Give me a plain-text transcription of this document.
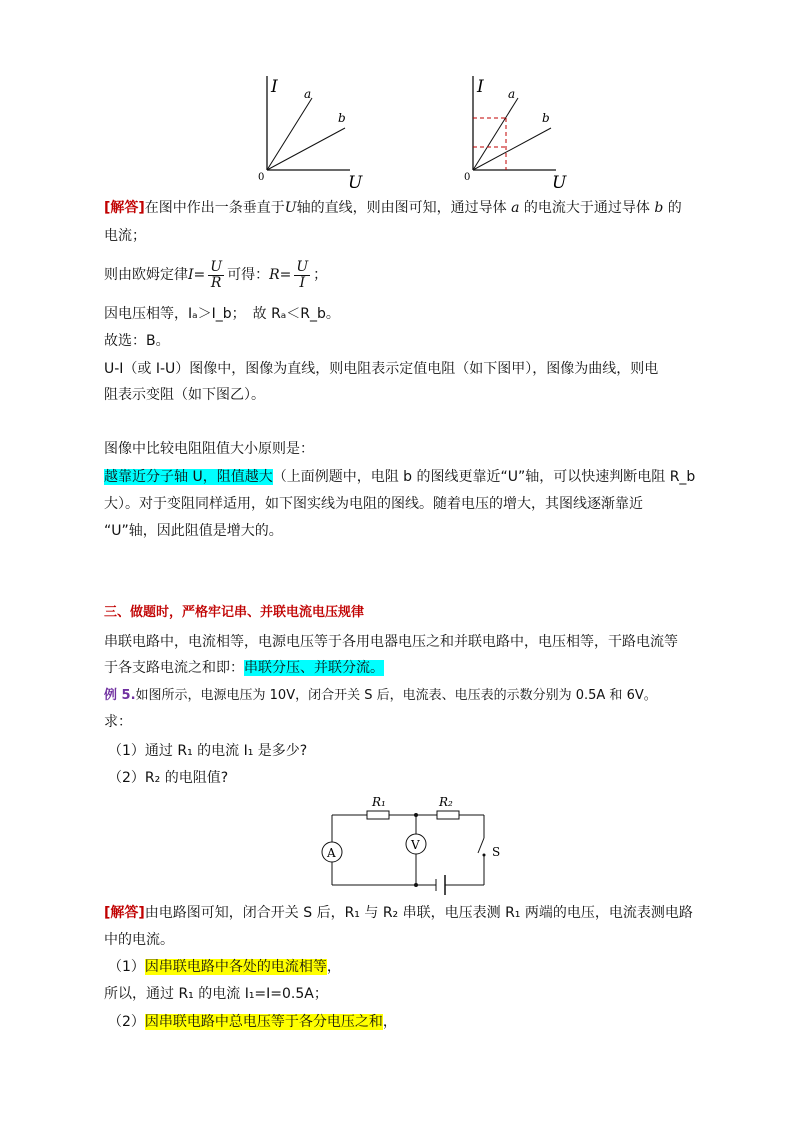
I
U
0
a
b
I
U
0
a
b
[解答]在图中作出一条垂直于U轴的直线，则由图可知，通过导体 a 的电流大于通过导体 b 的
电流；
则由欧姆定律$I= \frac{U}{R}$ 可得：$R= \frac{U}{I}$ ；
因电压相等，Iₐ＞I_b；　故 Rₐ＜R_b。
故选：B。
U-I（或 I-U）图像中，图像为直线，则电阻表示定值电阻（如下图甲），图像为曲线，则电
阻表示变阻（如下图乙）。
图像中比较电阻阻值大小原则是：
越靠近分子轴 U，阻值越大（上面例题中，电阻 b 的图线更靠近“U”轴，可以快速判断电阻 R_b
大）。对于变阻同样适用，如下图实线为电阻的图线。随着电压的增大，其图线逐渐靠近
“U”轴，因此阻值是增大的。
三、做题时，严格牢记串、并联电流电压规律
串联电路中，电流相等，电源电压等于各用电器电压之和并联电路中，电压相等，干路电流等
于各支路电流之和即：串联分压、并联分流。
例 5.如图所示，电源电压为 10V，闭合开关 S 后，电流表、电压表的示数分别为 0.5A 和 6V。
求：
（1）通过 R₁ 的电流 I₁ 是多少?
（2）R₂ 的电阻值?
R₁	R₂
A
V	S
[解答]由电路图可知，闭合开关 S 后，R₁ 与 R₂ 串联，电压表测 R₁ 两端的电压，电流表测电路
中的电流。
（1）因串联电路中各处的电流相等，
所以，通过 R₁ 的电流 I₁=I=0.5A；
（2）因串联电路中总电压等于各分电压之和，
